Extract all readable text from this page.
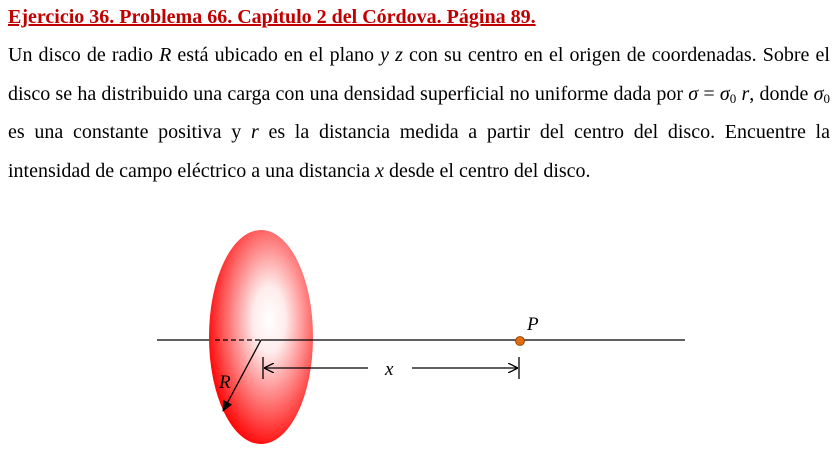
Ejercicio 36. Problema 66. Capítulo 2 del Córdova. Página 89.
Un disco de radio R está ubicado en el plano y z con su centro en el origen de coordenadas. Sobre el disco se ha distribuido una carga con una densidad superficial no uniforme dada por $\sigma = \sigma_0$ r, donde $\sigma_0$ es una constante positiva y r es la distancia medida a partir del centro del disco. Encuentre la intensidad de campo eléctrico a una distancia x desde el centro del disco.
R
x
P
